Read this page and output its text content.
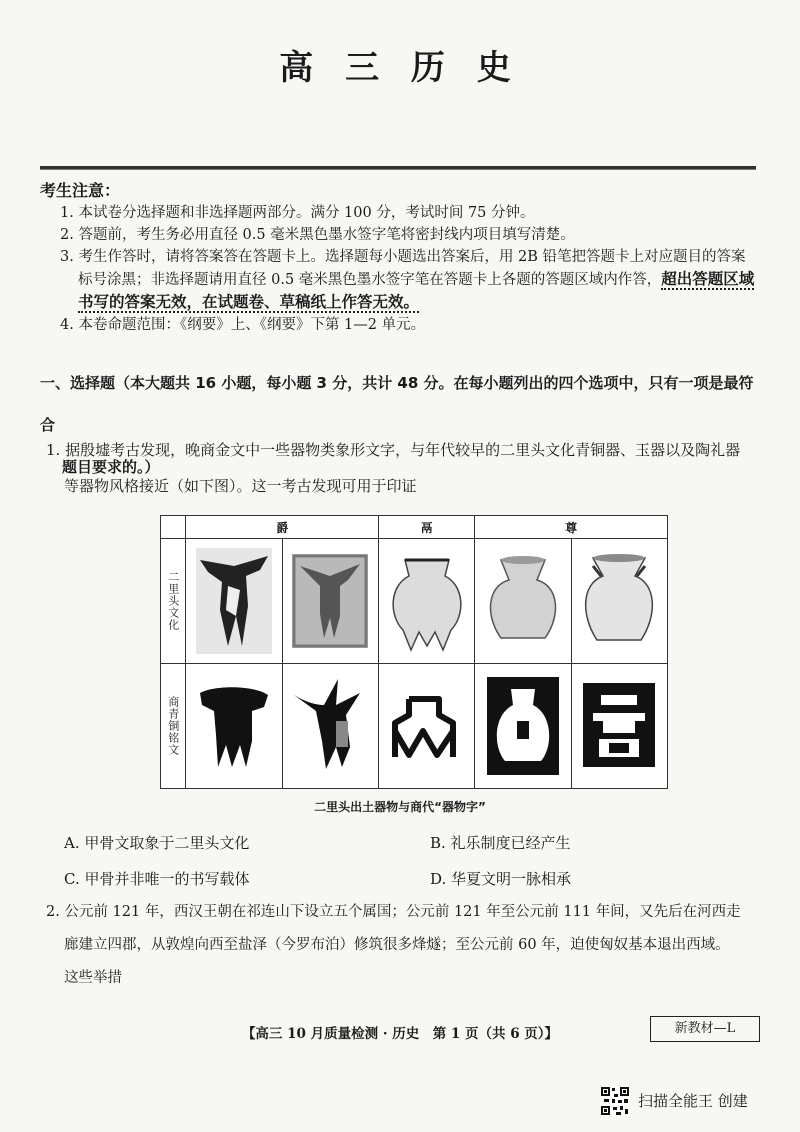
高 三 历 史
考生注意：
1. 本试卷分选择题和非选择题两部分。满分 100 分，考试时间 75 分钟。
2. 答题前，考生务必用直径 0.5 毫米黑色墨水签字笔将密封线内项目填写清楚。
3. 考生作答时，请将答案答在答题卡上。选择题每小题选出答案后，用 2B 铅笔把答题卡上对应题目的答案标号涂黑；非选择题请用直径 0.5 毫米黑色墨水签字笔在答题卡上各题的答题区域内作答，超出答题区域书写的答案无效，在试题卷、草稿纸上作答无效。
4. 本卷命题范围：《纲要》上、《纲要》下第 1—2 单元。
一、选择题（本大题共 16 小题，每小题 3 分，共计 48 分。在每小题列出的四个选项中，只有一项是最符合
题目要求的。）
1. 据殷墟考古发现，晚商金文中一些器物类象形文字，与年代较早的二里头文化青铜器、玉器以及陶礼器
等器物风格接近（如下图）。这一考古发现可用于印证
	爵		鬲	尊	
二里头文化	

商青铜铭文	

二里头出土器物与商代“器物字”
A. 甲骨文取象于二里头文化	B. 礼乐制度已经产生
C. 甲骨并非唯一的书写载体	D. 华夏文明一脉相承
2. 公元前 121 年，西汉王朝在祁连山下设立五个属国；公元前 121 年至公元前 111 年间，又先后在河西走
廊建立四郡，从敦煌向西至盐泽（今罗布泊）修筑很多烽燧；至公元前 60 年，迫使匈奴基本退出西域。
这些举措
【高三 10 月质量检测 · 历史　第 1 页（共 6 页）】	新教材—L
扫描全能王 创建
